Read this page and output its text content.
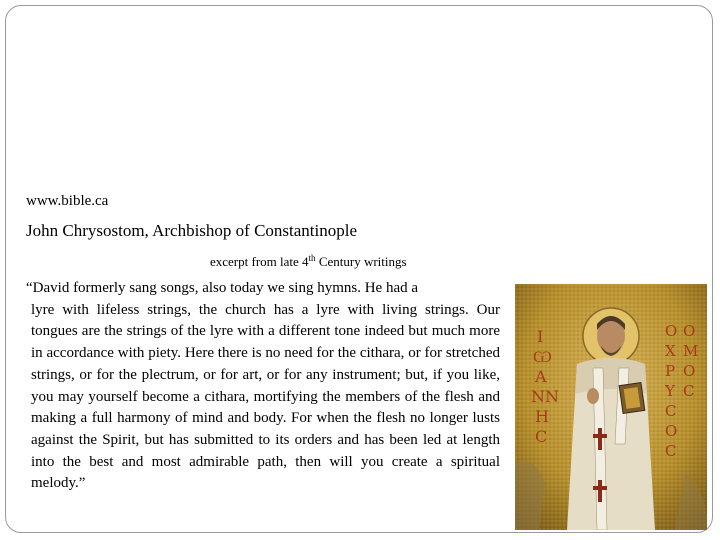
www.bible.ca
John Chrysostom, Archbishop of Constantinople
excerpt from late 4th Century writings
“David formerly sang songs, also today we sing hymns. He had a
lyre with lifeless strings, the church has a lyre with living strings. Our tongues are the strings of the lyre with a different tone indeed but much more in accordance with piety. Here there is no need for the cithara, or for stretched strings, or for the plectrum, or for art, or for any instrument; but, if you like, you may yourself become a cithara, mortifying the members of the flesh and making a full harmony of mind and body. For when the flesh no longer lusts against the Spirit, but has submitted to its orders and has been led at length into the best and most admirable path, then will you create a spiritual melody.”
I
Ѡ
A
NN
Н
C
O O
X M
P O
Y C
C
O
C
